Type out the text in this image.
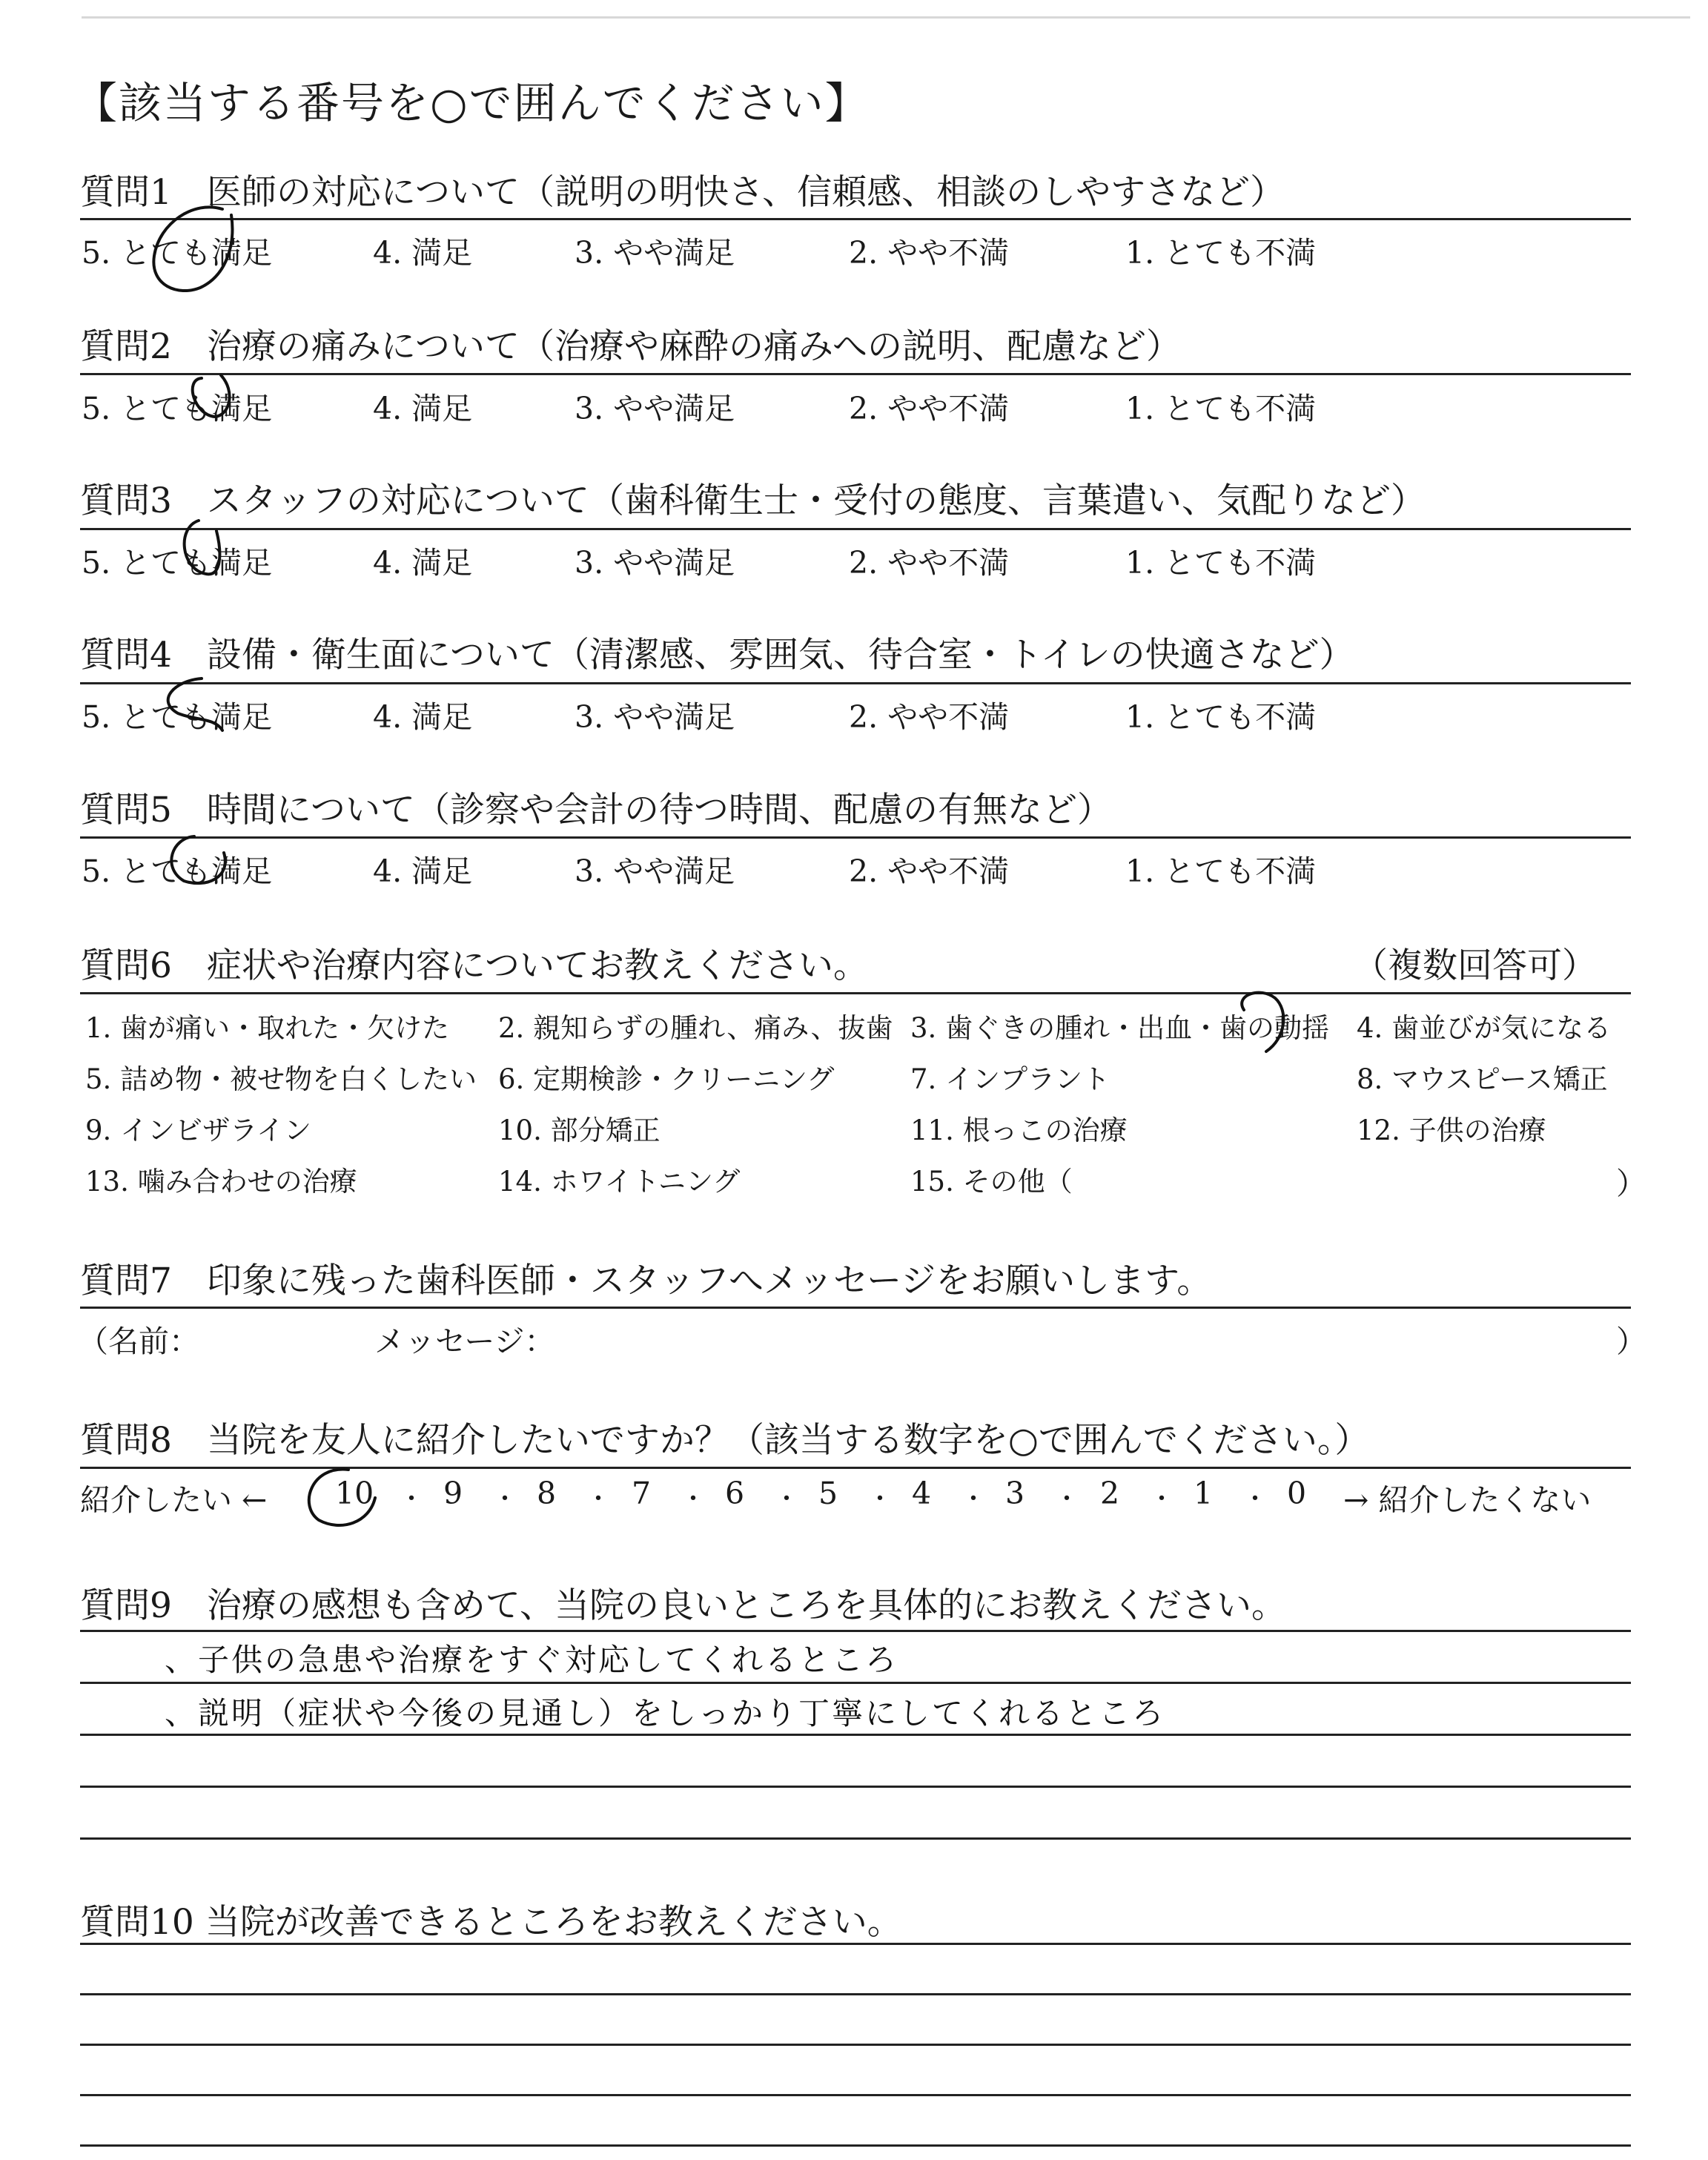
【該当する番号を○で囲んでください】
質問1　医師の対応について（説明の明快さ、信頼感、相談のしやすさなど）
5. とても満足	4. 満足	3. やや満足	2. やや不満	1. とても不満
質問2　治療の痛みについて（治療や麻酔の痛みへの説明、配慮など）
5. とても満足	4. 満足	3. やや満足	2. やや不満	1. とても不満
質問3　スタッフの対応について（歯科衛生士・受付の態度、言葉遣い、気配りなど）
5. とても満足	4. 満足	3. やや満足	2. やや不満	1. とても不満
質問4　設備・衛生面について（清潔感、雰囲気、待合室・トイレの快適さなど）
5. とても満足	4. 満足	3. やや満足	2. やや不満	1. とても不満
質問5　時間について（診察や会計の待つ時間、配慮の有無など）
5. とても満足	4. 満足	3. やや満足	2. やや不満	1. とても不満
質問6　症状や治療内容についてお教えください。	（複数回答可）
1. 歯が痛い・取れた・欠けた 2. 親知らずの腫れ、痛み、抜歯 3. 歯ぐきの腫れ・出血・歯の動揺 4. 歯並びが気になる
5. 詰め物・被せ物を白くしたい 6. 定期検診・クリーニング	7. インプラント	8. マウスピース矯正
9. インビザライン	10. 部分矯正	11. 根っこの治療	12. 子供の治療
13. 噛み合わせの治療	14. ホワイトニング	15. その他（	）
質問7　印象に残った歯科医師・スタッフへメッセージをお願いします。
（名前：	メッセージ：	）
質問8　当院を友人に紹介したいですか？（該当する数字を○で囲んでください。）
紹介したい ← 10 ・ 9 ・ 8 ・ 7 ・ 6 ・ 5 ・ 4 ・ 3 ・ 2 ・ 1 ・ 0 → 紹介したくない
質問9　治療の感想も含めて、当院の良いところを具体的にお教えください。
、子供の急患や治療をすぐ対応してくれるところ
、説明（症状や今後の見通し）をしっかり丁寧にしてくれるところ
質問10 当院が改善できるところをお教えください。
